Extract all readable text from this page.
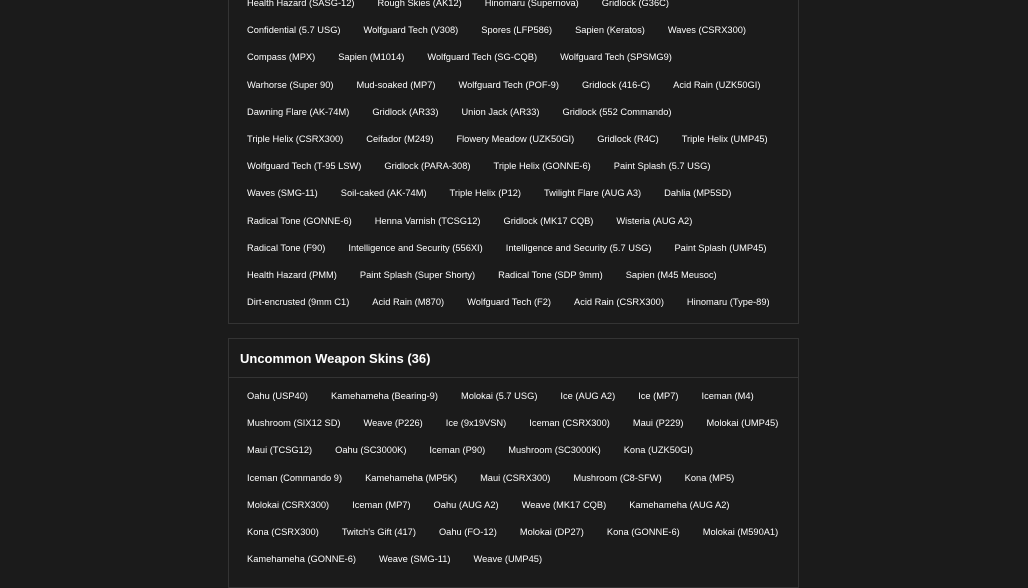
Health Hazard (SASG-12)	Rough Skies (AK12)	Hinomaru (Supernova)	Gridlock (G36C)
Confidential (5.7 USG)	Wolfguard Tech (V308)	Spores (LFP586)	Sapien (Keratos)	Waves (CSRX300)
Compass (MPX)	Sapien (M1014)	Wolfguard Tech (SG-CQB)	Wolfguard Tech (SPSMG9)
Warhorse (Super 90)	Mud-soaked (MP7)	Wolfguard Tech (POF-9)	Gridlock (416-C)	Acid Rain (UZK50GI)
Dawning Flare (AK-74M)	Gridlock (AR33)	Union Jack (AR33)	Gridlock (552 Commando)
Triple Helix (CSRX300)	Ceifador (M249)	Flowery Meadow (UZK50GI)	Gridlock (R4C)	Triple Helix (UMP45)
Wolfguard Tech (T-95 LSW)	Gridlock (PARA-308)	Triple Helix (GONNE-6)	Paint Splash (5.7 USG)
Waves (SMG-11)	Soil-caked (AK-74M)	Triple Helix (P12)	Twilight Flare (AUG A3)	Dahlia (MP5SD)
Radical Tone (GONNE-6)	Henna Varnish (TCSG12)	Gridlock (MK17 CQB)	Wisteria (AUG A2)
Radical Tone (F90)	Intelligence and Security (556XI)	Intelligence and Security (5.7 USG)	Paint Splash (UMP45)
Health Hazard (PMM)	Paint Splash (Super Shorty)	Radical Tone (SDP 9mm)	Sapien (M45 Meusoc)
Dirt-encrusted (9mm C1)	Acid Rain (M870)	Wolfguard Tech (F2)	Acid Rain (CSRX300)	Hinomaru (Type-89)
Uncommon Weapon Skins (36)
Oahu (USP40)	Kamehameha (Bearing-9)	Molokai (5.7 USG)	Ice (AUG A2)	Ice (MP7)	Iceman (M4)
Mushroom (SIX12 SD)	Weave (P226)	Ice (9x19VSN)	Iceman (CSRX300)	Maui (P229)	Molokai (UMP45)
Maui (TCSG12)	Oahu (SC3000K)	Iceman (P90)	Mushroom (SC3000K)	Kona (UZK50GI)
Iceman (Commando 9)	Kamehameha (MP5K)	Maui (CSRX300)	Mushroom (C8-SFW)	Kona (MP5)
Molokai (CSRX300)	Iceman (MP7)	Oahu (AUG A2)	Weave (MK17 CQB)	Kamehameha (AUG A2)
Kona (CSRX300)	Twitch's Gift (417)	Oahu (FO-12)	Molokai (DP27)	Kona (GONNE-6)	Molokai (M590A1)
Kamehameha (GONNE-6)	Weave (SMG-11)	Weave (UMP45)
